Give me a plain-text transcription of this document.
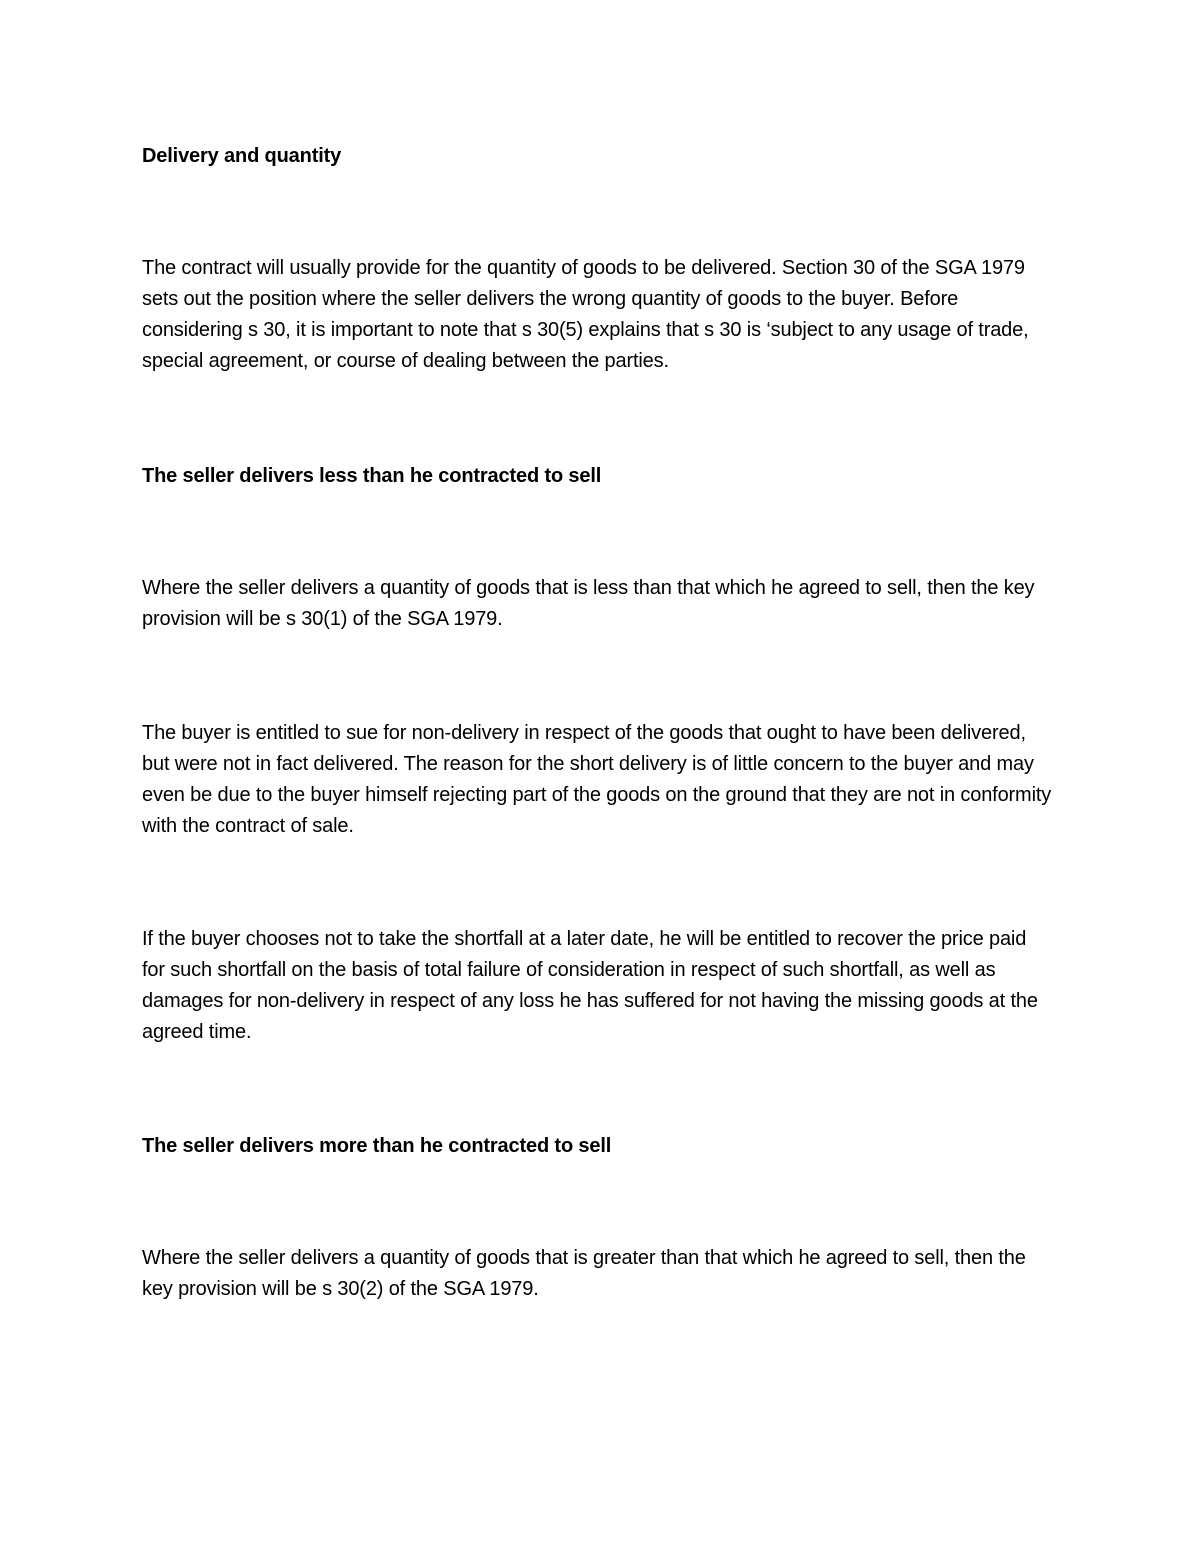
Delivery and quantity

The contract will usually provide for the quantity of goods to be delivered. Section 30 of the SGA 1979 sets out the position where the seller delivers the wrong quantity of goods to the buyer. Before considering s 30, it is important to note that s 30(5) explains that s 30 is ‘subject to any usage of trade, special agreement, or course of dealing between the parties.

The seller delivers less than he contracted to sell

Where the seller delivers a quantity of goods that is less than that which he agreed to sell, then the key provision will be s 30(1) of the SGA 1979.

The buyer is entitled to sue for non-delivery in respect of the goods that ought to have been delivered, but were not in fact delivered. The reason for the short delivery is of little concern to the buyer and may even be due to the buyer himself rejecting part of the goods on the ground that they are not in conformity with the contract of sale.

If the buyer chooses not to take the shortfall at a later date, he will be entitled to recover the price paid for such shortfall on the basis of total failure of consideration in respect of such shortfall, as well as damages for non-delivery in respect of any loss he has suffered for not having the missing goods at the agreed time.

The seller delivers more than he contracted to sell

Where the seller delivers a quantity of goods that is greater than that which he agreed to sell, then the key provision will be s 30(2) of the SGA 1979.
